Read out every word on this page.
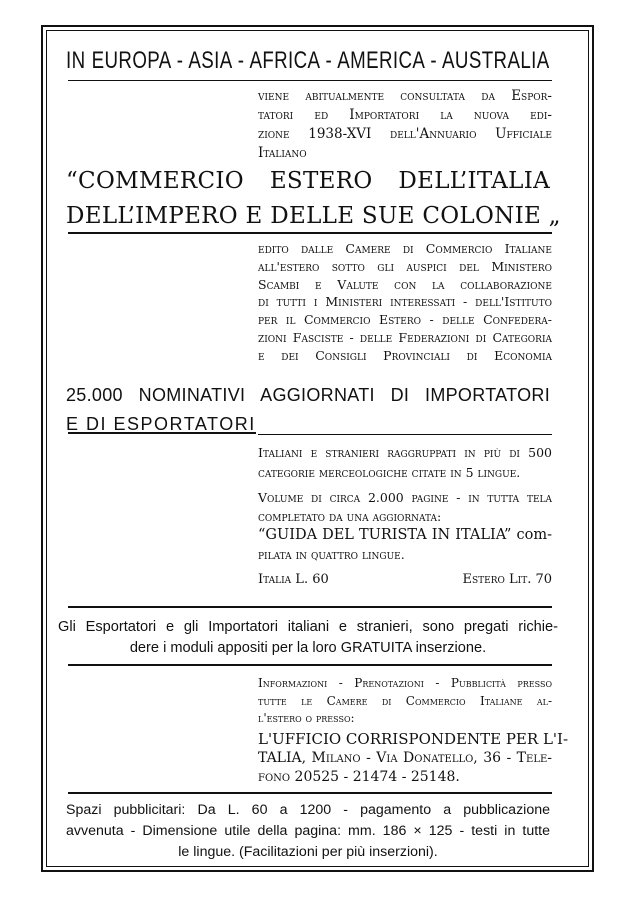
IN EUROPA - ASIA - AFRICA - AMERICA - AUSTRALIA
viene abitualmente consultata da Espor-
tatori ed Importatori la nuova edi-
zione 1938-XVI dell'Annuario Ufficiale
Italiano
“COMMERCIO ESTERO DELL’ITALIA
DELL’IMPERO E DELLE SUE COLONIE „
edito dalle Camere di Commercio Italiane
all'estero sotto gli auspici del Ministero
Scambi e Valute con la collaborazione
di tutti i Ministeri interessati - dell'Istituto
per il Commercio Estero - delle Confedera-
zioni Fasciste - delle Federazioni di Categoria
e dei Consigli Provinciali di Economia
25.000 NOMINATIVI AGGIORNATI DI IMPORTATORI
E DI ESPORTATORI
Italiani e stranieri raggruppati in più di 500
categorie merceologiche citate in 5 lingue.
Volume di circa 2.000 pagine - in tutta tela
completato da una aggiornata:
“GUIDA DEL TURISTA IN ITALIA” com-
pilata in quattro lingue.
Italia L. 60	Estero Lit. 70
Gli Esportatori e gli Importatori italiani e stranieri, sono pregati richie-
dere i moduli appositi per la loro GRATUITA inserzione.
Informazioni - Prenotazioni - Pubblicità presso
tutte le Camere di Commercio Italiane al-
l'estero o presso:
L'UFFICIO CORRISPONDENTE PER L'I-
TALIA, Milano - Via Donatello, 36 - Tele-
fono 20525 - 21474 - 25148.
Spazi pubblicitari: Da L. 60 a 1200 - pagamento a pubblicazione
avvenuta - Dimensione utile della pagina: mm. 186 × 125 - testi in tutte
le lingue. (Facilitazioni per più inserzioni).
